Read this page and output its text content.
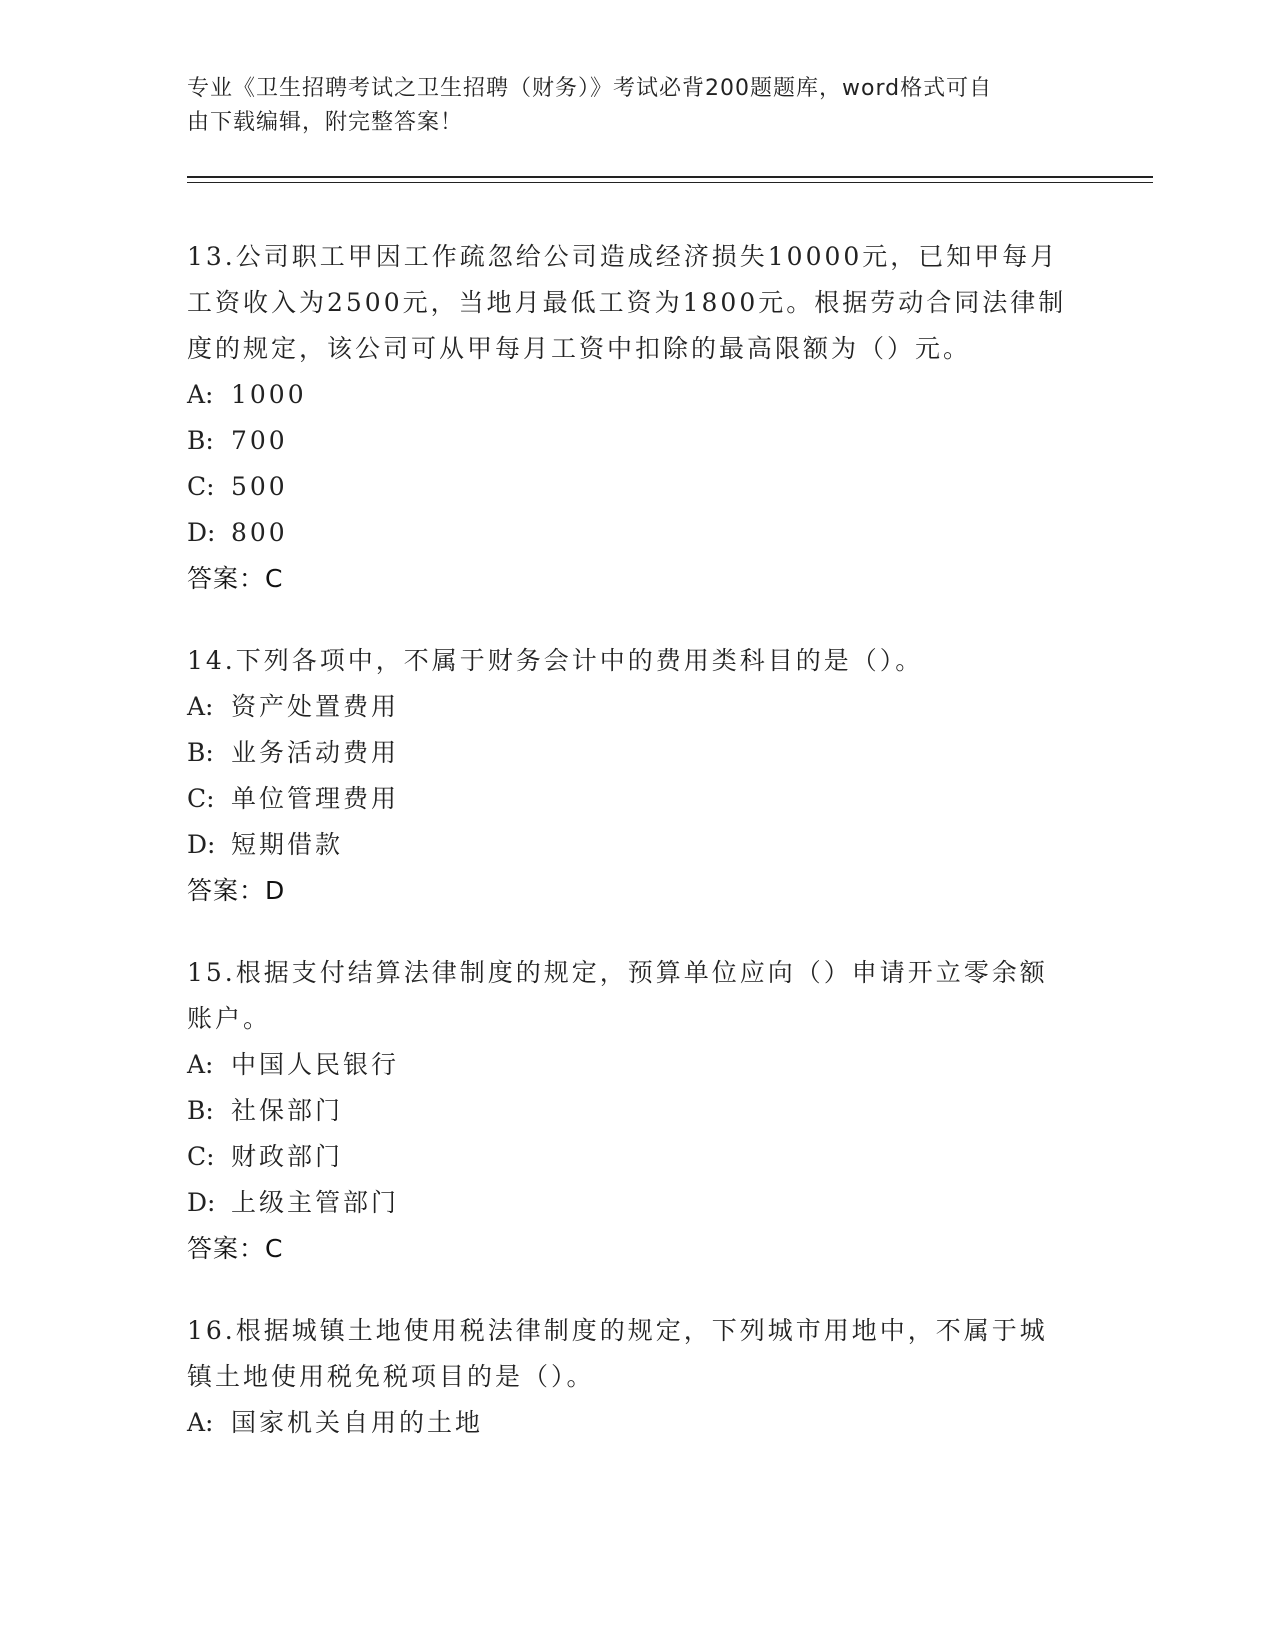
专业《卫生招聘考试之卫生招聘（财务）》考试必背200题题库，word格式可自
由下载编辑，附完整答案！
13.公司职工甲因工作疏忽给公司造成经济损失10000元，已知甲每月工资收入为2500元，当地月最低工资为1800元。根据劳动合同法律制度的规定，该公司可从甲每月工资中扣除的最高限额为（）元。
A: 1000
B: 700
C: 500
D: 800
答案：C
14.下列各项中，不属于财务会计中的费用类科目的是（）。
A: 资产处置费用
B: 业务活动费用
C: 单位管理费用
D: 短期借款
答案：D
15.根据支付结算法律制度的规定，预算单位应向（）申请开立零余额账户。
A: 中国人民银行
B: 社保部门
C: 财政部门
D: 上级主管部门
答案：C
16.根据城镇土地使用税法律制度的规定，下列城市用地中，不属于城镇土地使用税免税项目的是（）。
A: 国家机关自用的土地
